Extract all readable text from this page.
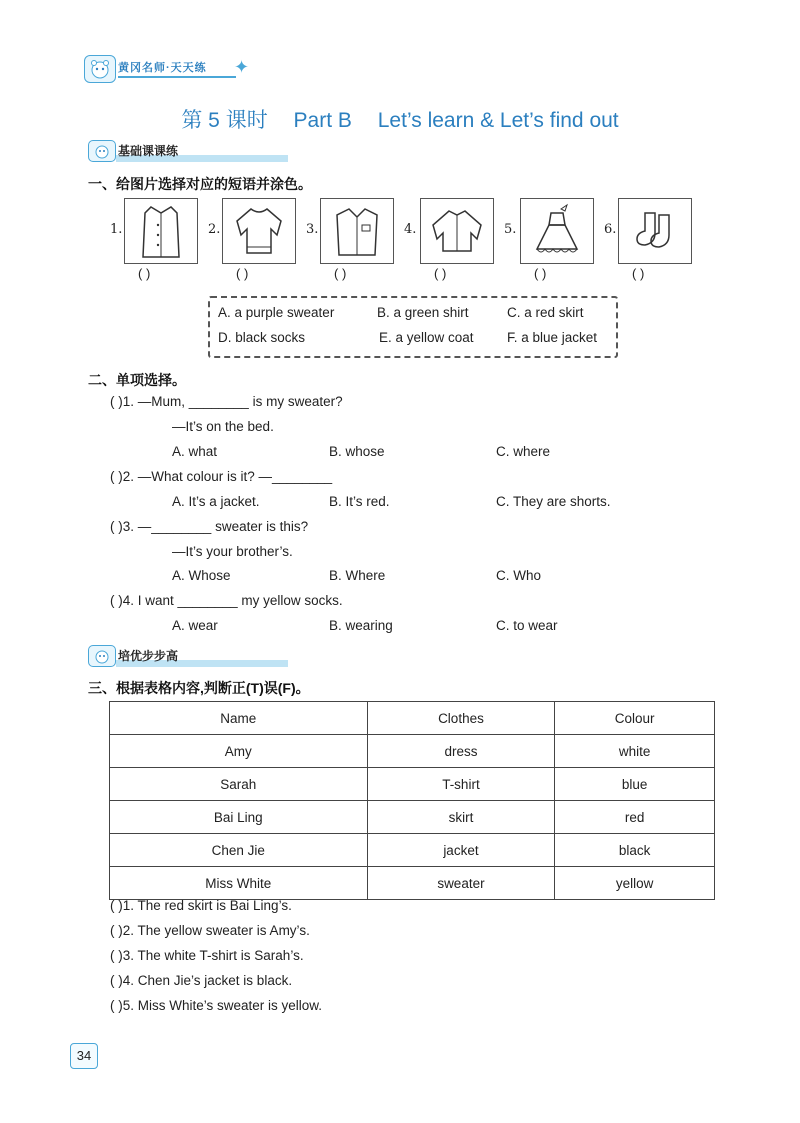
黄冈名师·天天练 ✦
第 5 课时 Part B Let’s learn & Let’s find out
基础课课练
一、给图片选择对应的短语并涂色。
1.
( )
2.
( )
3.
( )
4.
( )
5.
( )
6.
( )
A. a purple sweater	B. a green shirt	C. a red skirt
D. black socks	E. a yellow coat F. a blue jacket
二、单项选择。
( )1. —Mum, ________ is my sweater?
—It’s on the bed.
A. what	B. whose	C. where
( )2. —What colour is it? —________
A. It’s a jacket.	B. It’s red.	C. They are shorts.
( )3. —________ sweater is this?
—It’s your brother’s.
A. Whose	B. Where	C. Who
( )4. I want ________ my yellow socks.
A. wear	B. wearing	C. to wear
培优步步高
三、根据表格内容,判断正(T)误(F)。
Name	Clothes	Colour
Amy	dress	white
Sarah	T-shirt	blue
Bai Ling	skirt	red
Chen Jie	jacket	black
Miss White	sweater	yellow
( )1. The red skirt is Bai Ling’s.
( )2. The yellow sweater is Amy’s.
( )3. The white T-shirt is Sarah’s.
( )4. Chen Jie’s jacket is black.
( )5. Miss White’s sweater is yellow.
34
